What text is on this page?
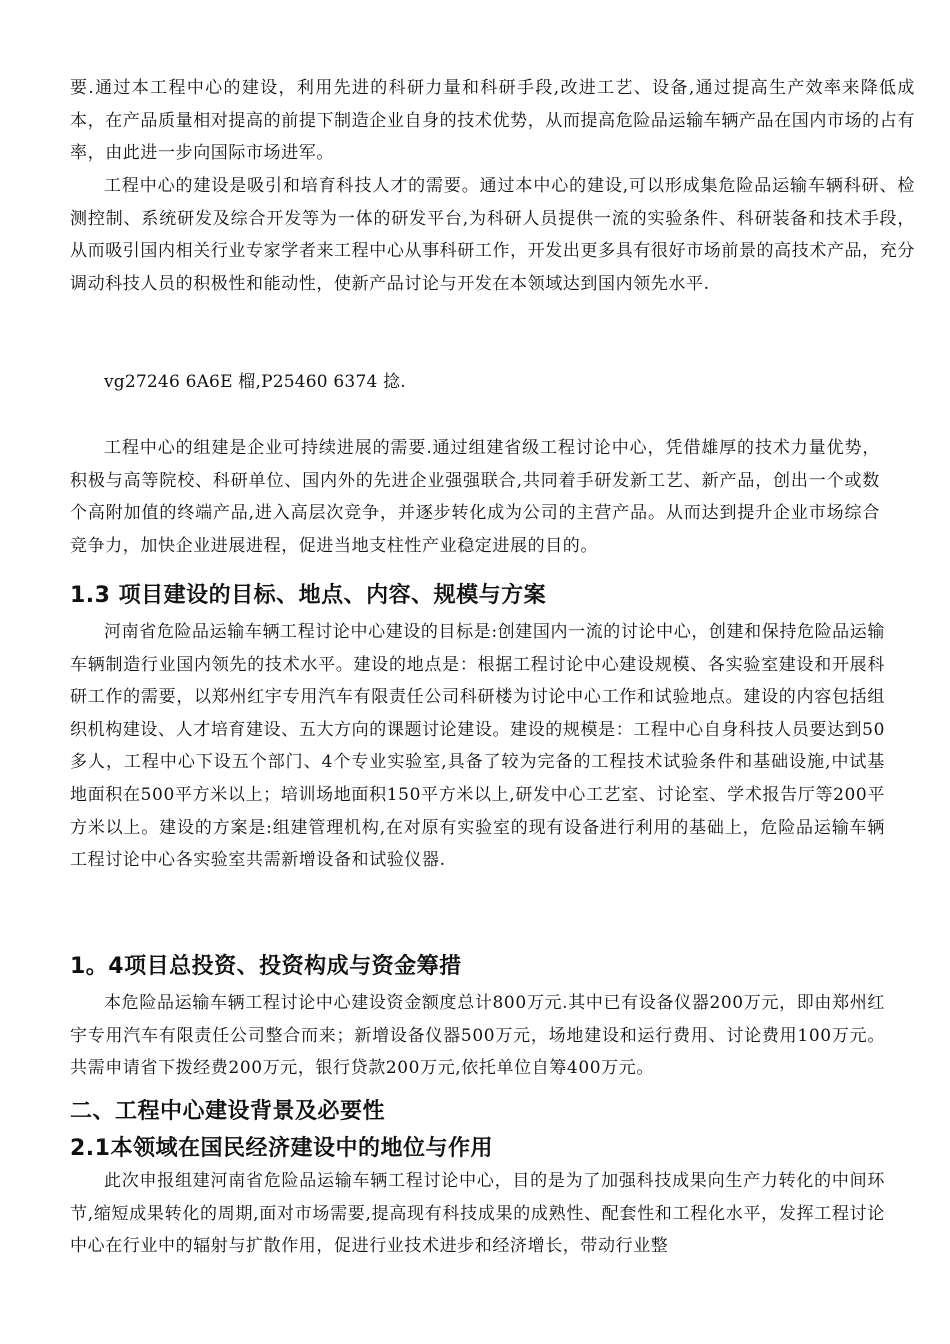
要.通过本工程中心的建设，利用先进的科研力量和科研手段,改进工艺、设备,通过提高生产效率来降低成本，在产品质量相对提高的前提下制造企业自身的技术优势，从而提高危险品运输车辆产品在国内市场的占有率，由此进一步向国际市场进军。

工程中心的建设是吸引和培育科技人才的需要。通过本中心的建设,可以形成集危险品运输车辆科研、检测控制、系统研发及综合开发等为一体的研发平台,为科研人员提供一流的实验条件、科研装备和技术手段，从而吸引国内相关行业专家学者来工程中心从事科研工作，开发出更多具有很好市场前景的高技术产品，充分调动科技人员的积极性和能动性，使新产品讨论与开发在本领域达到国内领先水平.

vg27246 6A6E 榴,P25460 6374 捻.

工程中心的组建是企业可持续进展的需要.通过组建省级工程讨论中心，凭借雄厚的技术力量优势，积极与高等院校、科研单位、国内外的先进企业强强联合,共同着手研发新工艺、新产品，创出一个或数个高附加值的终端产品,进入高层次竞争，并逐步转化成为公司的主营产品。从而达到提升企业市场综合竞争力，加快企业进展进程，促进当地支柱性产业稳定进展的目的。

1.3 项目建设的目标、地点、内容、规模与方案

河南省危险品运输车辆工程讨论中心建设的目标是:创建国内一流的讨论中心，创建和保持危险品运输车辆制造行业国内领先的技术水平。建设的地点是：根据工程讨论中心建设规模、各实验室建设和开展科研工作的需要，以郑州红宇专用汽车有限责任公司科研楼为讨论中心工作和试验地点。建设的内容包括组织机构建设、人才培育建设、五大方向的课题讨论建设。建设的规模是：工程中心自身科技人员要达到50多人，工程中心下设五个部门、4个专业实验室,具备了较为完备的工程技术试验条件和基础设施,中试基地面积在500平方米以上；培训场地面积150平方米以上,研发中心工艺室、讨论室、学术报告厅等200平方米以上。建设的方案是:组建管理机构,在对原有实验室的现有设备进行利用的基础上，危险品运输车辆工程讨论中心各实验室共需新增设备和试验仪器.

1。4项目总投资、投资构成与资金筹措

本危险品运输车辆工程讨论中心建设资金额度总计800万元.其中已有设备仪器200万元，即由郑州红宇专用汽车有限责任公司整合而来；新增设备仪器500万元，场地建设和运行费用、讨论费用100万元。共需申请省下拨经费200万元，银行贷款200万元,依托单位自筹400万元。

二、工程中心建设背景及必要性
2.1本领域在国民经济建设中的地位与作用

此次申报组建河南省危险品运输车辆工程讨论中心，目的是为了加强科技成果向生产力转化的中间环节,缩短成果转化的周期,面对市场需要,提高现有科技成果的成熟性、配套性和工程化水平，发挥工程讨论中心在行业中的辐射与扩散作用，促进行业技术进步和经济增长，带动行业整
